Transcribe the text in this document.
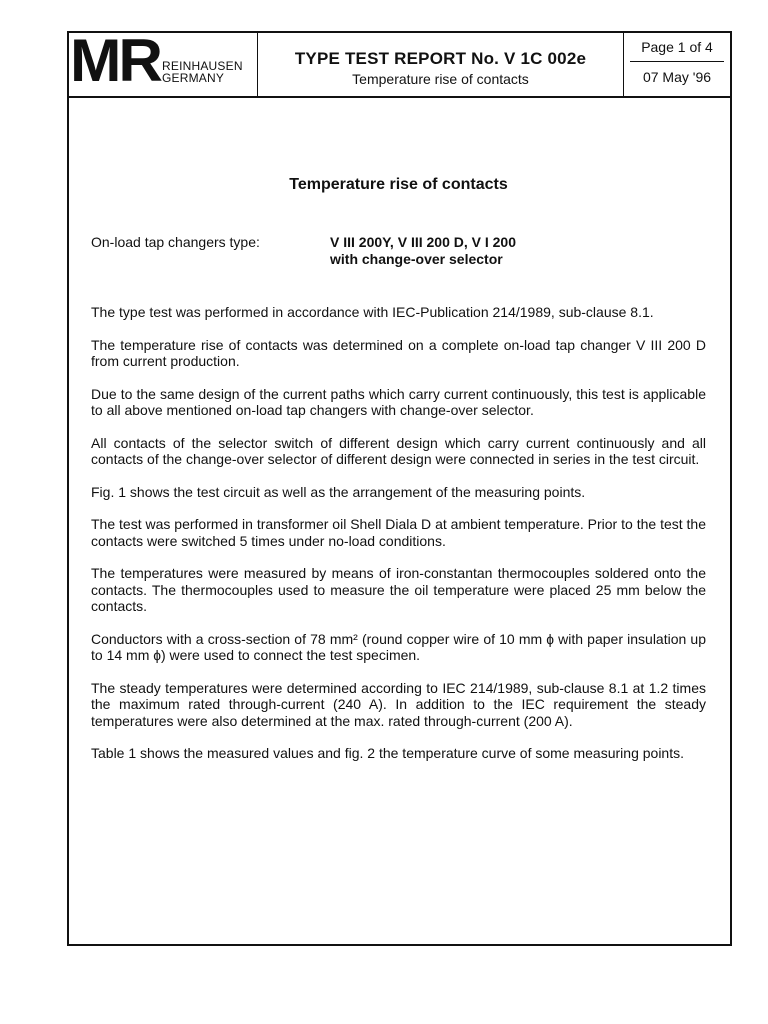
MR REINHAUSEN
GERMANY
TYPE TEST REPORT No. V 1C 002e
Temperature rise of contacts
Page 1 of 4
07 May '96
Temperature rise of contacts
On-load tap changers type:	V III 200Y, V III 200 D, V I 200
with change-over selector

The type test was performed in accordance with IEC-Publication 214/1989, sub-clause 8.1.

The temperature rise of contacts was determined on a complete on-load tap changer V III 200 D from current production.

Due to the same design of the current paths which carry current continuously, this test is applicable to all above mentioned on-load tap changers with change-over selector.

All contacts of the selector switch of different design which carry current continuously and all contacts of the change-over selector of different design were connected in series in the test circuit.

Fig. 1 shows the test circuit as well as the arrangement of the measuring points.

The test was performed in transformer oil Shell Diala D at ambient temperature. Prior to the test the contacts were switched 5 times under no-load conditions.

The temperatures were measured by means of iron-constantan thermocouples soldered onto the contacts. The thermocouples used to measure the oil temperature were placed 25 mm below the contacts.

Conductors with a cross-section of 78 mm² (round copper wire of 10 mm ɸ with paper insulation up to 14 mm ɸ) were used to connect the test specimen.

The steady temperatures were determined according to IEC 214/1989, sub-clause 8.1 at 1.2 times the maximum rated through-current (240 A). In addition to the IEC requirement the steady temperatures were also determined at the max. rated through-current (200 A).

Table 1 shows the measured values and fig. 2 the temperature curve of some measuring points.
